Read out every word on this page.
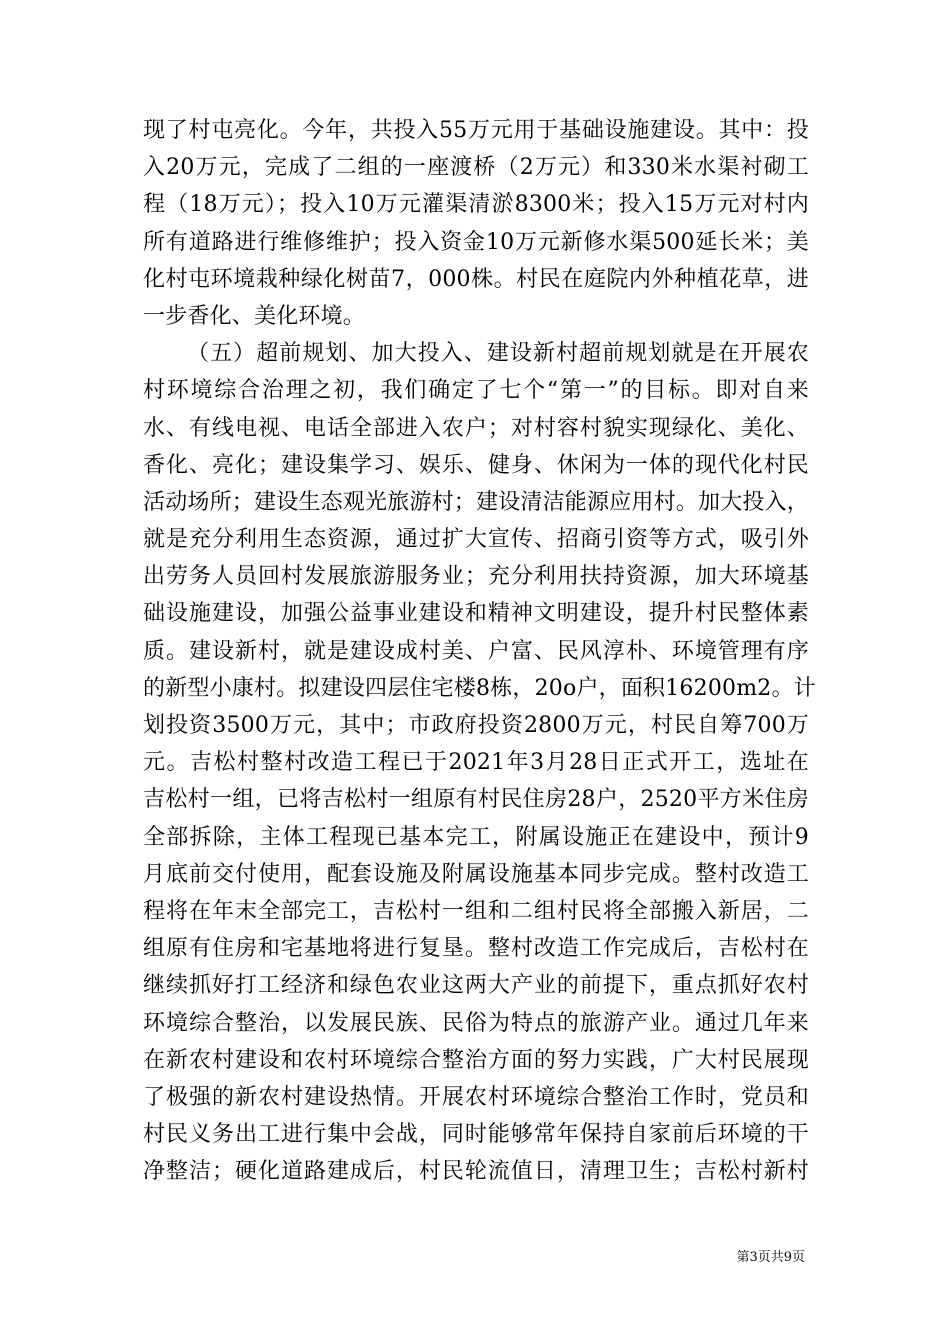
现了村屯亮化。今年，共投入55万元用于基础设施建设。其中：投
入20万元，完成了二组的一座渡桥（2万元）和330米水渠衬砌工
程（18万元）；投入10万元灌渠清淤8300米；投入15万元对村内
所有道路进行维修维护；投入资金10万元新修水渠500延长米；美
化村屯环境栽种绿化树苗7，000株。村民在庭院内外种植花草，进
一步香化、美化环境。
（五）超前规划、加大投入、建设新村超前规划就是在开展农
村环境综合治理之初，我们确定了七个“第一”的目标。即对自来
水、有线电视、电话全部进入农户；对村容村貌实现绿化、美化、
香化、亮化；建设集学习、娱乐、健身、休闲为一体的现代化村民
活动场所；建设生态观光旅游村；建设清洁能源应用村。加大投入，
就是充分利用生态资源，通过扩大宣传、招商引资等方式，吸引外
出劳务人员回村发展旅游服务业；充分利用扶持资源，加大环境基
础设施建设，加强公益事业建设和精神文明建设，提升村民整体素
质。建设新村，就是建设成村美、户富、民风淳朴、环境管理有序
的新型小康村。拟建设四层住宅楼8栋，20o户，面积16200m2。计
划投资3500万元，其中；市政府投资2800万元，村民自筹700万
元。吉松村整村改造工程已于2021年3月28日正式开工，选址在
吉松村一组，已将吉松村一组原有村民住房28户，2520平方米住房
全部拆除，主体工程现已基本完工，附属设施正在建设中，预计9
月底前交付使用，配套设施及附属设施基本同步完成。整村改造工
程将在年末全部完工，吉松村一组和二组村民将全部搬入新居，二
组原有住房和宅基地将进行复垦。整村改造工作完成后，吉松村在
继续抓好打工经济和绿色农业这两大产业的前提下，重点抓好农村
环境综合整治，以发展民族、民俗为特点的旅游产业。通过几年来
在新农村建设和农村环境综合整治方面的努力实践，广大村民展现
了极强的新农村建设热情。开展农村环境综合整治工作时，党员和
村民义务出工进行集中会战，同时能够常年保持自家前后环境的干
净整洁；硬化道路建成后，村民轮流值日，清理卫生；吉松村新村
第3页共9页
